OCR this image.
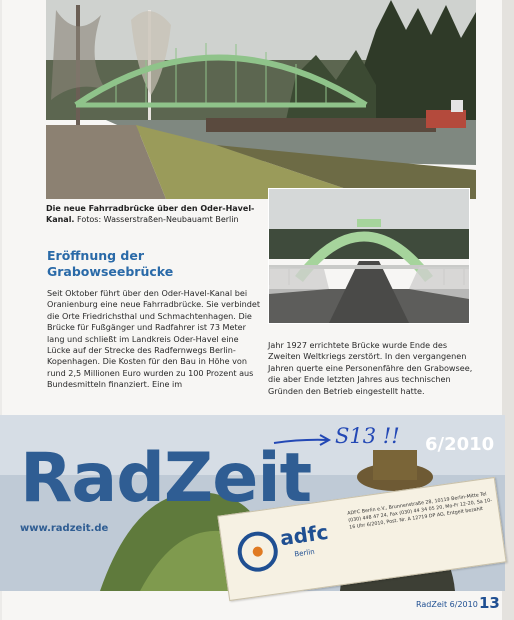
Die neue Fahrradbrücke über den Oder-Havel-Kanal. Fotos: Wasserstraßen-Neubauamt Berlin
Eröffnung der
Grabowseebrücke
Seit Oktober führt über den Oder-Havel-Kanal bei Oranienburg eine neue Fahrradbrücke. Sie verbindet die Orte Friedrichsthal und Schmachtenhagen. Die Brücke für Fußgänger und Radfahrer ist 73 Meter lang und schließt im Landkreis Oder-Havel eine Lücke auf der Strecke des Radfernwegs Berlin-Kopenhagen. Die Kosten für den Bau in Höhe von rund 2,5 Millionen Euro wurden zu 100 Prozent aus Bundesmitteln finanziert. Eine im
Jahr 1927 errichtete Brücke wurde Ende des Zweiten Weltkriegs zerstört. In den vergangenen Jahren querte eine Personenfähre den Grabowsee, die aber Ende letzten Jahres aus technischen Gründen den Betrieb eingestellt hatte.
RadZeit	6/2010
www.radzeit.de
S13 !!
adfc
Berlin
ADFC Berlin e.V., Brunnenstraße 28, 10119 Berlin-Mitte Tel (030) 448 47 24, Fax (030) 44 34 05 20, Mo-Fr 12-20, Sa 10-16 Uhr 6/2010, Post. Nr. A 12719 DP AG, Entgelt bezahlt
RadZeit 6/2010 13
